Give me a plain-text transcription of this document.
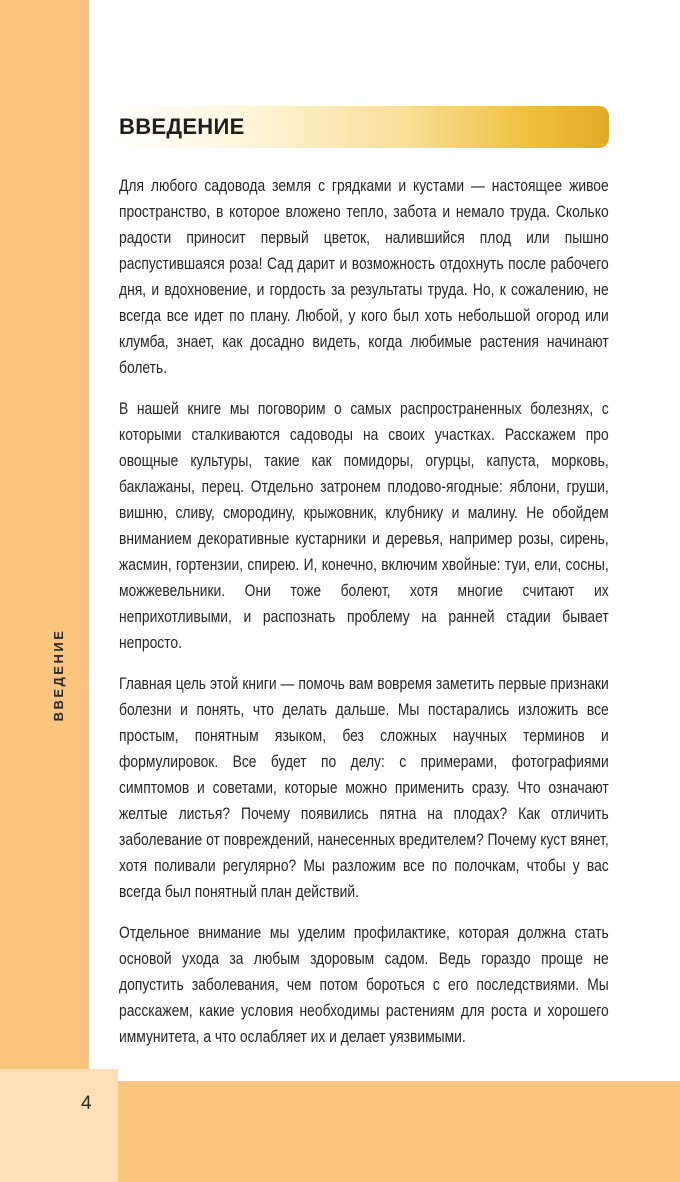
4
ВВЕДЕНИЕ
ВВЕДЕНИЕ

Для любого садовода земля с грядками и кустами — настоящее живое пространство, в которое вложено тепло, забота и немало труда. Сколько радости приносит первый цветок, налившийся плод или пышно распустившаяся роза! Сад дарит и возможность отдохнуть после рабочего дня, и вдохновение, и гордость за результаты труда. Но, к сожалению, не всегда все идет по плану. Любой, у кого был хоть небольшой огород или клумба, знает, как досадно видеть, когда любимые растения начинают болеть.

В нашей книге мы поговорим о самых распространенных болезнях, с которыми сталкиваются садоводы на своих участках. Расскажем про овощные культуры, такие как помидоры, огурцы, капуста, морковь, баклажаны, перец. Отдельно затронем плодово-ягодные: яблони, груши, вишню, сливу, смородину, крыжовник, клубнику и малину. Не обойдем вниманием декоративные кустарники и деревья, например розы, сирень, жасмин, гортензии, спирею. И, конечно, включим хвойные: туи, ели, сосны, можжевельники. Они тоже болеют, хотя многие считают их неприхотливыми, и распознать проблему на ранней стадии бывает непросто.

Главная цель этой книги — помочь вам вовремя заметить первые признаки болезни и понять, что делать дальше. Мы постарались изложить все простым, понятным языком, без сложных научных терминов и формулировок. Все будет по делу: с примерами, фотографиями симптомов и советами, которые можно применить сразу. Что означают желтые листья? Почему появились пятна на плодах? Как отличить заболевание от повреждений, нанесенных вредителем? Почему куст вянет, хотя поливали регулярно? Мы разложим все по полочкам, чтобы у вас всегда был понятный план действий.

Отдельное внимание мы уделим профилактике, которая должна стать основой ухода за любым здоровым садом. Ведь гораздо проще не допустить заболевания, чем потом бороться с его последствиями. Мы расскажем, какие условия необходимы растениям для роста и хорошего иммунитета, а что ослабляет их и делает уязвимыми.
